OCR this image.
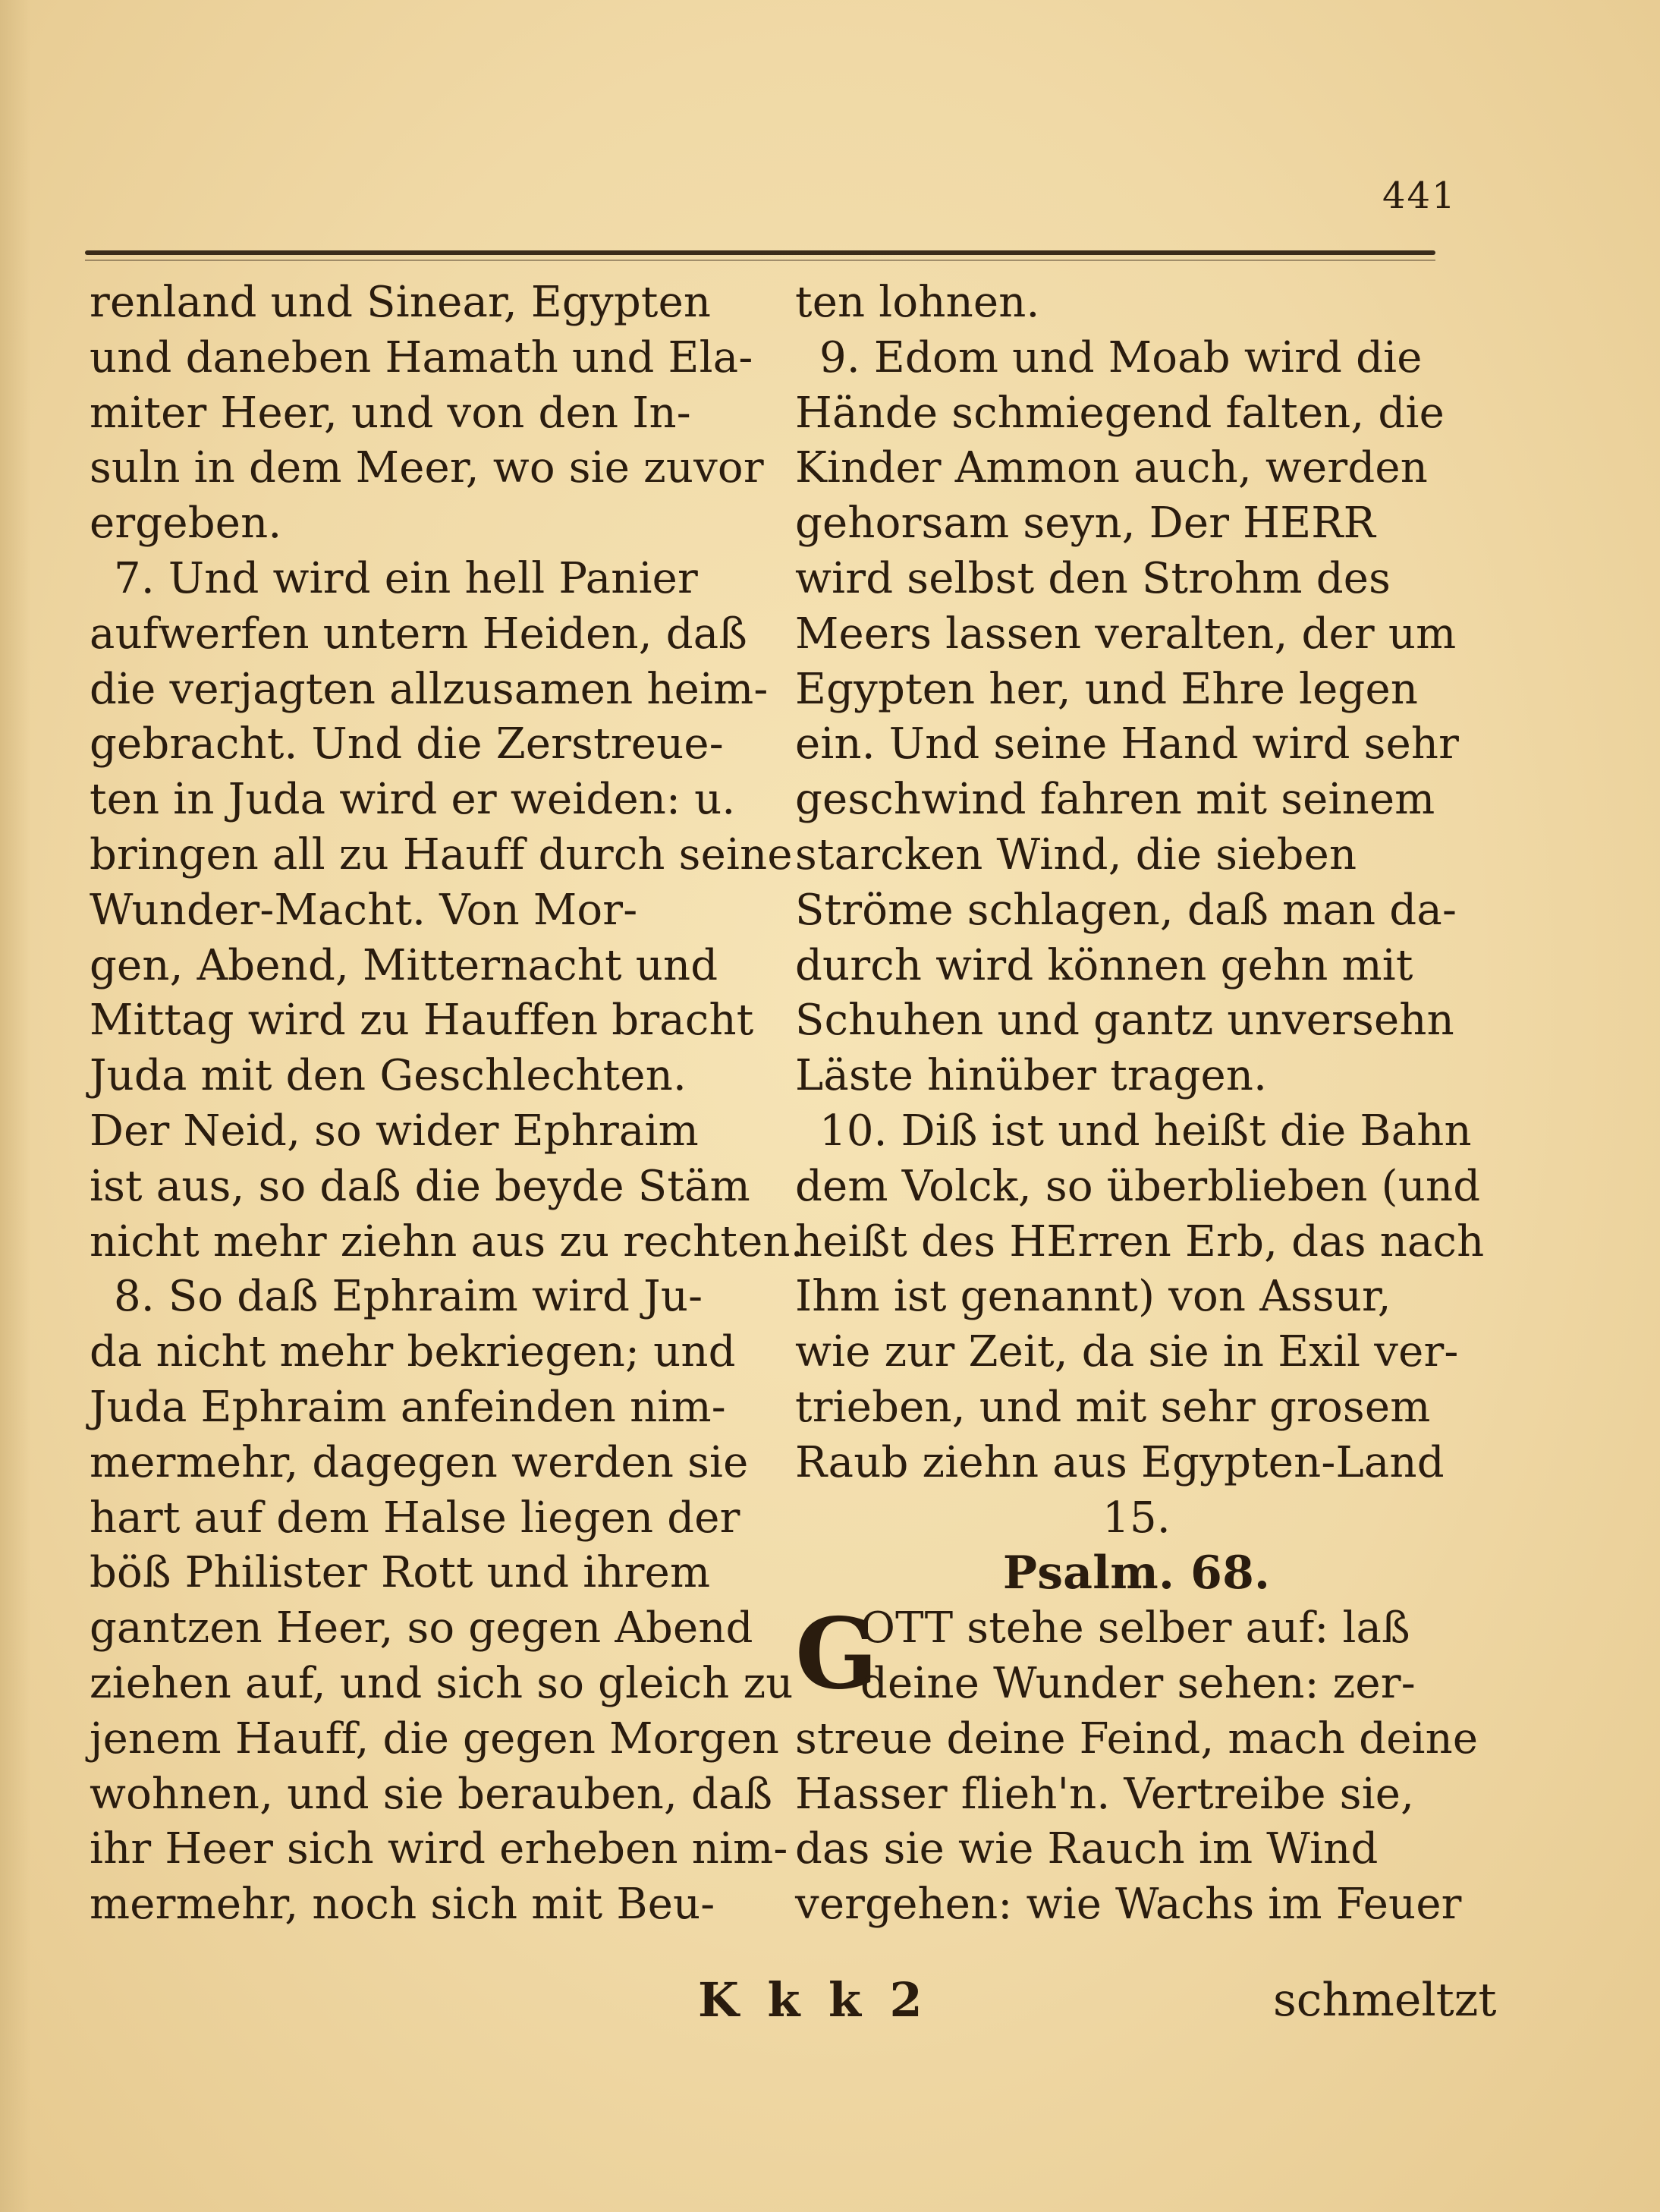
441
renland und Sinear, Egypten
und daneben Hamath und Ela-
miter Heer, und von den In-
suln in dem Meer, wo sie zuvor
ergeben.
7. Und wird ein hell Panier
aufwerfen untern Heiden, daß
die verjagten allzusamen heim-
gebracht. Und die Zerstreue-
ten in Juda wird er weiden: u.
bringen all zu Hauff durch seine
Wunder-Macht. Von Mor-
gen, Abend, Mitternacht und
Mittag wird zu Hauffen bracht
Juda mit den Geschlechten.
Der Neid, so wider Ephraim
ist aus, so daß die beyde Stäm
nicht mehr ziehn aus zu rechten.
8. So daß Ephraim wird Ju-
da nicht mehr bekriegen; und
Juda Ephraim anfeinden nim-
mermehr, dagegen werden sie
hart auf dem Halse liegen der
böß Philister Rott und ihrem
gantzen Heer, so gegen Abend
ziehen auf, und sich so gleich zu
jenem Hauff, die gegen Morgen
wohnen, und sie berauben, daß
ihr Heer sich wird erheben nim-
mermehr, noch sich mit Beu-
ten lohnen.
9. Edom und Moab wird die
Hände schmiegend falten, die
Kinder Ammon auch, werden
gehorsam seyn, Der HERR
wird selbst den Strohm des
Meers lassen veralten, der um
Egypten her, und Ehre legen
ein. Und seine Hand wird sehr
geschwind fahren mit seinem
starcken Wind, die sieben
Ströme schlagen, daß man da-
durch wird können gehn mit
Schuhen und gantz unversehn
Läste hinüber tragen.
10. Diß ist und heißt die Bahn
dem Volck, so überblieben (und
heißt des HErren Erb, das nach
Ihm ist genannt) von Assur,
wie zur Zeit, da sie in Exil ver-
trieben, und mit sehr grosem
Raub ziehn aus Egypten-Land
15.
Psalm. 68.
G
OTT stehe selber auf: laß
deine Wunder sehen: zer-
streue deine Feind, mach deine
Hasser flieh'n. Vertreibe sie,
das sie wie Rauch im Wind
vergehen: wie Wachs im Feuer
K k k 2	schmeltzt
